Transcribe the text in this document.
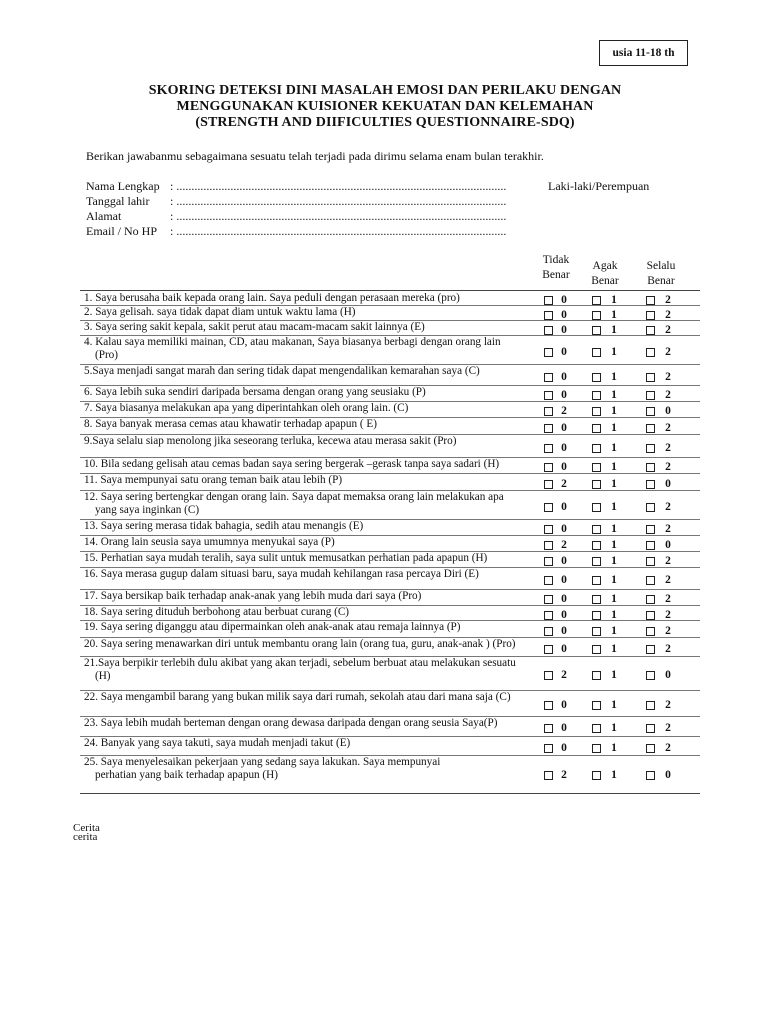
usia 11-18 th
SKORING DETEKSI DINI MASALAH EMOSI DAN PERILAKU DENGAN
MENGGUNAKAN KUISIONER KEKUATAN DAN KELEMAHAN
(STRENGTH AND DIIFICULTIES QUESTIONNAIRE-SDQ)
Berikan jawabanmu sebagaimana sesuatu telah terjadi pada dirimu selama enam bulan terakhir.
Nama Lengkap : ..............................................................................................................
Tanggal lahir : ..............................................................................................................
Alamat	: ..............................................................................................................
Email / No HP : ..............................................................................................................
Laki-laki/Perempuan
Tidak
Benar
Agak
Benar
Selalu
Benar
1. Saya berusaha baik kepada orang lain. Saya peduli dengan perasaan mereka (pro)	0	1	2
2. Saya gelisah. saya tidak dapat diam untuk waktu lama (H)	0	1	2
3. Saya sering sakit kepala, sakit perut atau macam-macam sakit lainnya (E)	0	1	2
4. Kalau saya memiliki mainan, CD, atau makanan, Saya biasanya berbagi dengan orang lain
(Pro)	0	1	2
5.Saya menjadi sangat marah dan sering tidak dapat mengendalikan kemarahan saya (C)	0	1	2
6. Saya lebih suka sendiri daripada bersama dengan orang yang seusiaku (P)	0	1	2
7. Saya biasanya melakukan apa yang diperintahkan oleh orang lain. (C)	2	1	0
8. Saya banyak merasa cemas atau khawatir terhadap apapun ( E)	0	1	2
9.Saya selalu siap menolong jika seseorang terluka, kecewa atau merasa sakit (Pro)
0	1	2
10. Bila sedang gelisah atau cemas badan saya sering bergerak –gerask tanpa saya sadari (H)	0	1	2
11. Saya mempunyai satu orang teman baik atau lebih (P)	2	1	0
12. Saya sering bertengkar dengan orang lain. Saya dapat memaksa orang lain melakukan apa
yang saya inginkan (C)	0	1	2
13. Saya sering merasa tidak bahagia, sedih atau menangis (E)	0	1	2
14. Orang lain seusia saya umumnya menyukai saya (P)	2	1	0
15. Perhatian saya mudah teralih, saya sulit untuk memusatkan perhatian pada apapun (H)	0	1	2
16. Saya merasa gugup dalam situasi baru, saya mudah kehilangan rasa percaya Diri (E)	0	1	2
17. Saya bersikap baik terhadap anak-anak yang lebih muda dari saya (Pro)	0	1	2
18. Saya sering dituduh berbohong atau berbuat curang (C)	0	1	2
19. Saya sering diganggu atau dipermainkan oleh anak-anak atau remaja lainnya (P)	0	1	2
20. Saya sering menawarkan diri untuk membantu orang lain (orang tua, guru, anak-anak ) (Pro)	0	1	2
21.Saya berpikir terlebih dulu akibat yang akan terjadi, sebelum berbuat atau melakukan sesuatu
(H)	2	1	0
22. Saya mengambil barang yang bukan milik saya dari rumah, sekolah atau dari mana saja (C)
0	1	2
23. Saya lebih mudah berteman dengan orang dewasa daripada dengan orang seusia Saya(P)	0	1	2
24. Banyak yang saya takuti, saya mudah menjadi takut (E)	0	1	2
25. Saya menyelesaikan pekerjaan yang sedang saya lakukan. Saya mempunyai
perhatian yang baik terhadap apapun (H)	2	1	0
Cerita
cerita
